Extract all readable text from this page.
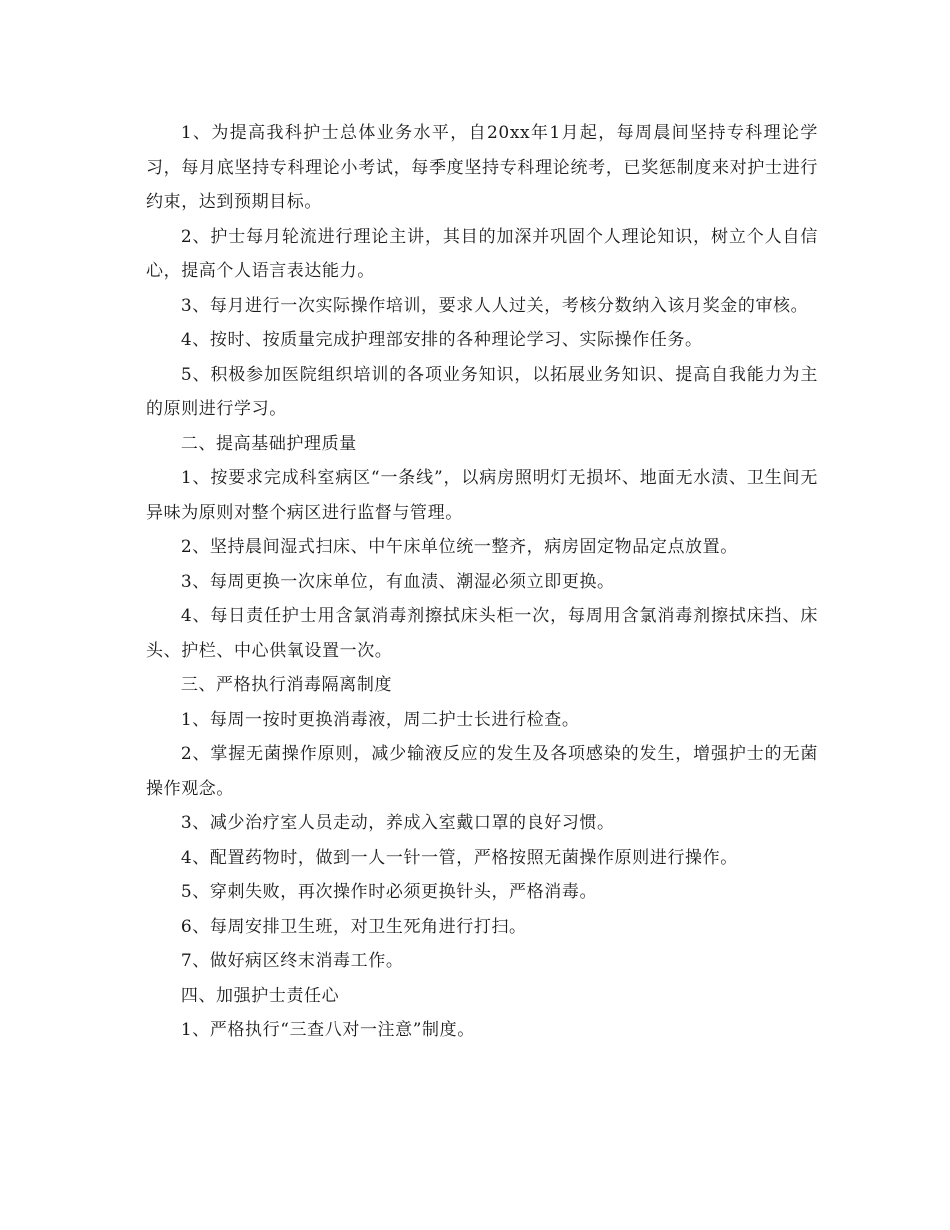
1、为提高我科护士总体业务水平，自20xx年1月起，每周晨间坚持专科理论学习，每月底坚持专科理论小考试，每季度坚持专科理论统考，已奖惩制度来对护士进行约束，达到预期目标。

2、护士每月轮流进行理论主讲，其目的加深并巩固个人理论知识，树立个人自信心，提高个人语言表达能力。

3、每月进行一次实际操作培训，要求人人过关，考核分数纳入该月奖金的审核。

4、按时、按质量完成护理部安排的各种理论学习、实际操作任务。

5、积极参加医院组织培训的各项业务知识，以拓展业务知识、提高自我能力为主的原则进行学习。

二、提高基础护理质量

1、按要求完成科室病区“一条线”，以病房照明灯无损坏、地面无水渍、卫生间无异味为原则对整个病区进行监督与管理。

2、坚持晨间湿式扫床、中午床单位统一整齐，病房固定物品定点放置。

3、每周更换一次床单位，有血渍、潮湿必须立即更换。

4、每日责任护士用含氯消毒剂擦拭床头柜一次，每周用含氯消毒剂擦拭床挡、床头、护栏、中心供氧设置一次。

三、严格执行消毒隔离制度

1、每周一按时更换消毒液，周二护士长进行检查。

2、掌握无菌操作原则，减少输液反应的发生及各项感染的发生，增强护士的无菌操作观念。

3、减少治疗室人员走动，养成入室戴口罩的良好习惯。

4、配置药物时，做到一人一针一管，严格按照无菌操作原则进行操作。

5、穿刺失败，再次操作时必须更换针头，严格消毒。

6、每周安排卫生班，对卫生死角进行打扫。

7、做好病区终末消毒工作。

四、加强护士责任心

1、严格执行“三查八对一注意”制度。
